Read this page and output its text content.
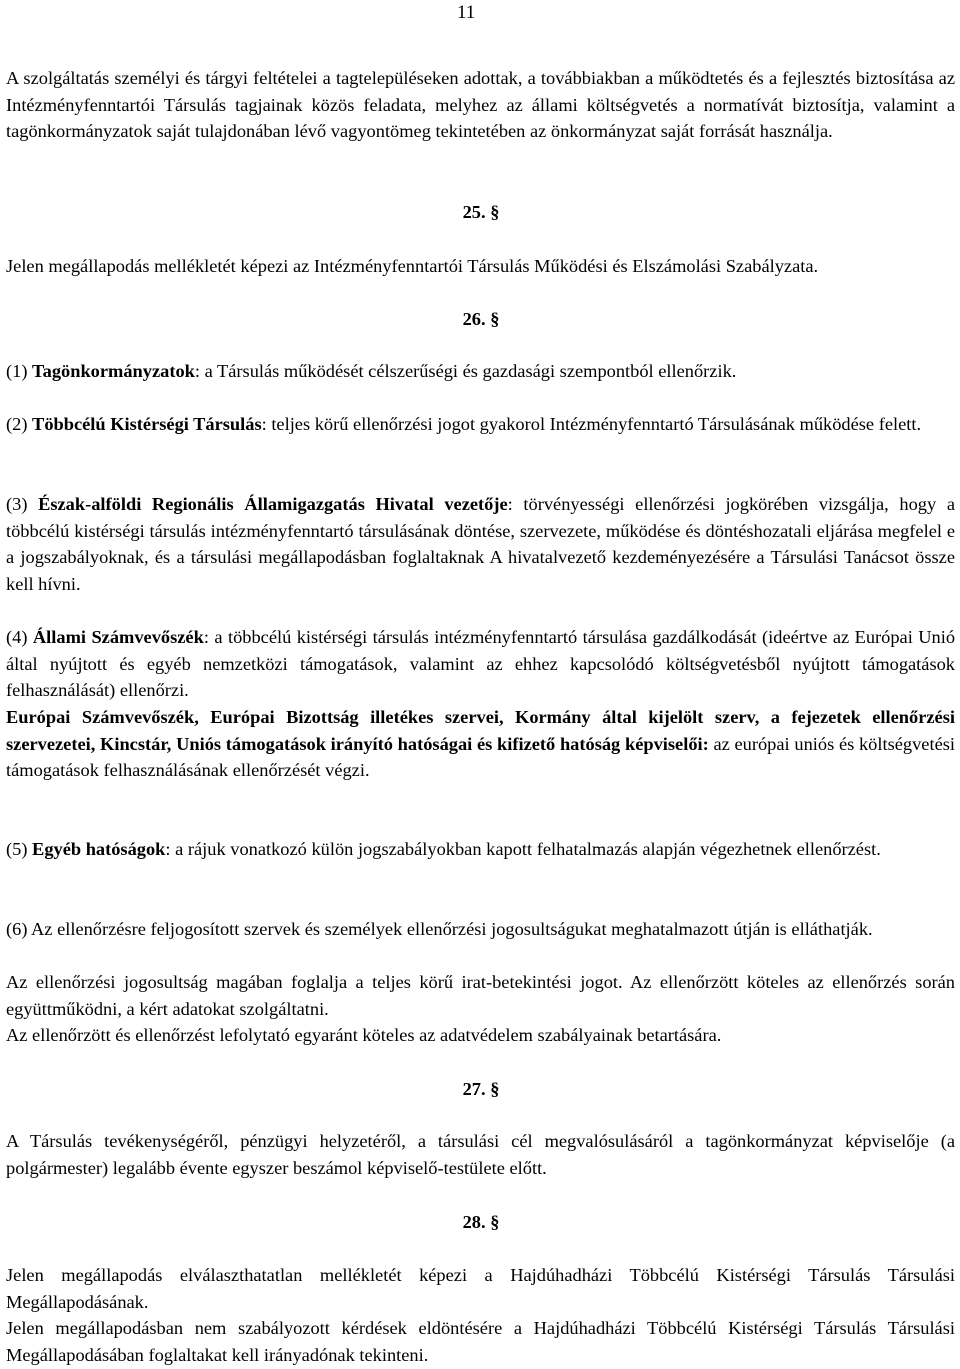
11

A szolgáltatás személyi és tárgyi feltételei a tagtelepüléseken adottak, a továbbiakban a működtetés és a fejlesztés biztosítása az Intézményfenntartói Társulás tagjainak közös feladata, melyhez az állami költségvetés a normatívát biztosítja, valamint a tagönkormányzatok saját tulajdonában lévő vagyontömeg tekintetében az önkormányzat saját forrását használja.

25. §

Jelen megállapodás mellékletét képezi az Intézményfenntartói Társulás Működési és Elszámolási Szabályzata.

26. §

(1) Tagönkormányzatok: a Társulás működését célszerűségi és gazdasági szempontból ellenőrzik.

(2) Többcélú Kistérségi Társulás: teljes körű ellenőrzési jogot gyakorol Intézményfenntartó Társulásának működése felett.

(3) Észak-alföldi Regionális Államigazgatás Hivatal vezetője: törvényességi ellenőrzési jogkörében vizsgálja, hogy a többcélú kistérségi társulás intézményfenntartó társulásának döntése, szervezete, működése és döntéshozatali eljárása megfelel e a jogszabályoknak, és a társulási megállapodásban foglaltaknak A hivatalvezető kezdeményezésére a Társulási Tanácsot össze kell hívni.

(4) Állami Számvevőszék: a többcélú kistérségi társulás intézményfenntartó társulása gazdálkodását (ideértve az Európai Unió által nyújtott és egyéb nemzetközi támogatások, valamint az ehhez kapcsolódó költségvetésből nyújtott támogatások felhasználását) ellenőrzi.

Európai Számvevőszék, Európai Bizottság illetékes szervei, Kormány által kijelölt szerv, a fejezetek ellenőrzési szervezetei, Kincstár, Uniós támogatások irányító hatóságai és kifizető hatóság képviselői: az európai uniós és költségvetési támogatások felhasználásának ellenőrzését végzi.

(5) Egyéb hatóságok: a rájuk vonatkozó külön jogszabályokban kapott felhatalmazás alapján végezhetnek ellenőrzést.

(6) Az ellenőrzésre feljogosított szervek és személyek ellenőrzési jogosultságukat meghatalmazott útján is elláthatják.

Az ellenőrzési jogosultság magában foglalja a teljes körű irat-betekintési jogot. Az ellenőrzött köteles az ellenőrzés során együttműködni, a kért adatokat szolgáltatni.

Az ellenőrzött és ellenőrzést lefolytató egyaránt köteles az adatvédelem szabályainak betartására.

27. §

A Társulás tevékenységéről, pénzügyi helyzetéről, a társulási cél megvalósulásáról a tagönkormányzat képviselője (a polgármester) legalább évente egyszer beszámol képviselő-testülete előtt.

28. §

Jelen megállapodás elválaszthatatlan mellékletét képezi a Hajdúhadházi Többcélú Kistérségi Társulás Társulási Megállapodásának.

Jelen megállapodásban nem szabályozott kérdések eldöntésére a Hajdúhadházi Többcélú Kistérségi Társulás Társulási Megállapodásában foglaltakat kell irányadónak tekinteni.
